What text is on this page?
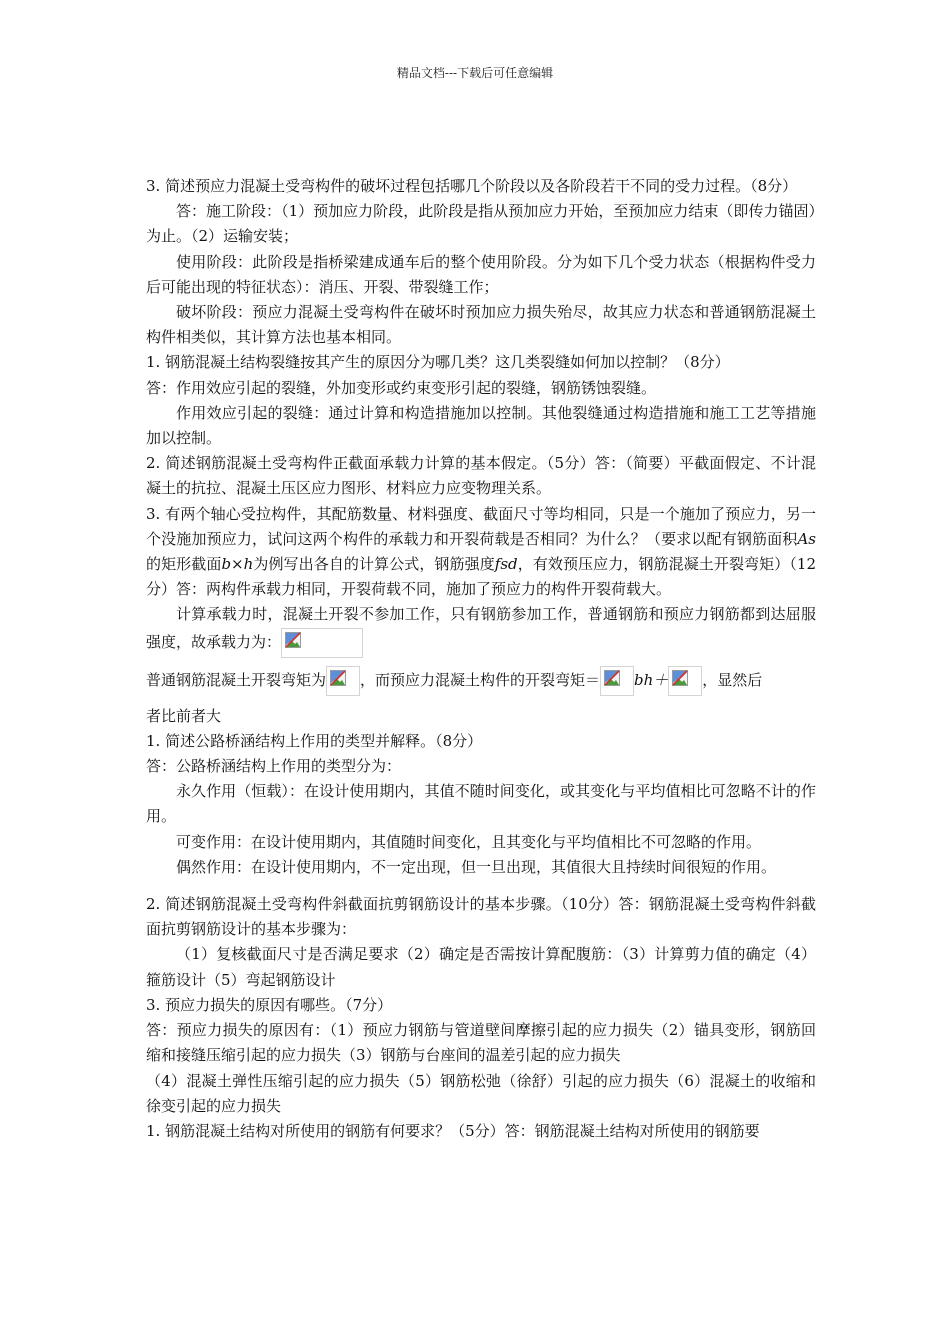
精品文档---下载后可任意编辑

3. 简述预应力混凝土受弯构件的破坏过程包括哪几个阶段以及各阶段若干不同的受力过程。（8分）

答：施工阶段：（1）预加应力阶段，此阶段是指从预加应力开始，至预加应力结束（即传力锚固）为止。（2）运输安装；

使用阶段：此阶段是指桥梁建成通车后的整个使用阶段。分为如下几个受力状态（根据构件受力后可能出现的特征状态）：消压、开裂、带裂缝工作；

破坏阶段：预应力混凝土受弯构件在破坏时预加应力损失殆尽，故其应力状态和普通钢筋混凝土构件相类似，其计算方法也基本相同。

1. 钢筋混凝土结构裂缝按其产生的原因分为哪几类？这几类裂缝如何加以控制？（8分）

答：作用效应引起的裂缝，外加变形或约束变形引起的裂缝，钢筋锈蚀裂缝。

作用效应引起的裂缝：通过计算和构造措施加以控制。其他裂缝通过构造措施和施工工艺等措施加以控制。

2. 简述钢筋混凝土受弯构件正截面承载力计算的基本假定。（5分）答：（简要）平截面假定、不计混凝土的抗拉、混凝土压区应力图形、材料应力应变物理关系。

3. 有两个轴心受拉构件，其配筋数量、材料强度、截面尺寸等均相同，只是一个施加了预应力，另一个没施加预应力，试问这两个构件的承载力和开裂荷载是否相同？为什么？（要求以配有钢筋面积As的矩形截面b×h为例写出各自的计算公式，钢筋强度fsd，有效预压应力，钢筋混凝土开裂弯矩）（12分）答：两构件承载力相同，开裂荷载不同，施加了预应力的构件开裂荷载大。

计算承载力时，混凝土开裂不参加工作，只有钢筋参加工作，普通钢筋和预应力钢筋都到达屈服强度，故承载力为：

普通钢筋混凝土开裂弯矩为 ，而预应力混凝土构件的开裂弯矩＝ bh＋ ，显然后

者比前者大

1. 简述公路桥涵结构上作用的类型并解释。（8分）

答：公路桥涵结构上作用的类型分为：

永久作用（恒载）：在设计使用期内，其值不随时间变化，或其变化与平均值相比可忽略不计的作用。

可变作用：在设计使用期内，其值随时间变化，且其变化与平均值相比不可忽略的作用。

偶然作用：在设计使用期内，不一定出现，但一旦出现，其值很大且持续时间很短的作用。

2. 简述钢筋混凝土受弯构件斜截面抗剪钢筋设计的基本步骤。（10分）答：钢筋混凝土受弯构件斜截面抗剪钢筋设计的基本步骤为：

（1）复核截面尺寸是否满足要求（2）确定是否需按计算配腹筋：（3）计算剪力值的确定（4）箍筋设计（5）弯起钢筋设计

3. 预应力损失的原因有哪些。（7分）

答：预应力损失的原因有：（1）预应力钢筋与管道壁间摩擦引起的应力损失（2）锚具变形，钢筋回缩和接缝压缩引起的应力损失（3）钢筋与台座间的温差引起的应力损失

（4）混凝土弹性压缩引起的应力损失（5）钢筋松弛（徐舒）引起的应力损失（6）混凝土的收缩和徐变引起的应力损失

1. 钢筋混凝土结构对所使用的钢筋有何要求？（5分）答：钢筋混凝土结构对所使用的钢筋要
